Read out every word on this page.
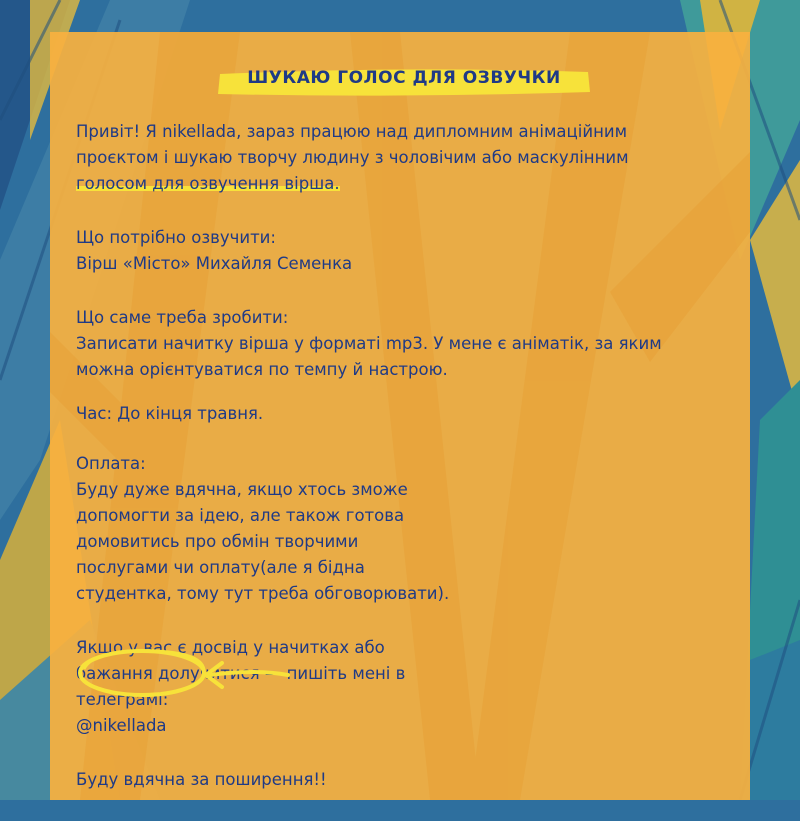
ШУКАЮ ГОЛОС ДЛЯ ОЗВУЧКИ
Привіт! Я nikellada, зараз працюю над дипломним анімаційним
проєктом і шукаю творчу людину з чоловічим або маскулінним
голосом для озвучення вірша.
Що потрібно озвучити:
Вірш «Місто» Михайля Семенка
Що саме треба зробити:
Записати начитку вірша у форматі mp3. У мене є аніматік, за яким
можна орієнтуватися по темпу й настрою.
Час: До кінця травня.
Оплата:
Буду дуже вдячна, якщо хтось зможе
допомогти за ідею, але також готова
домовитись про обмін творчими
послугами чи оплату(але я бідна
студентка, тому тут треба обговорювати).
Якщо у вас є досвід у начитках або
бажання долучитися — пишіть мені в
телеграмі:
@nikellada
Буду вдячна за поширення!!
